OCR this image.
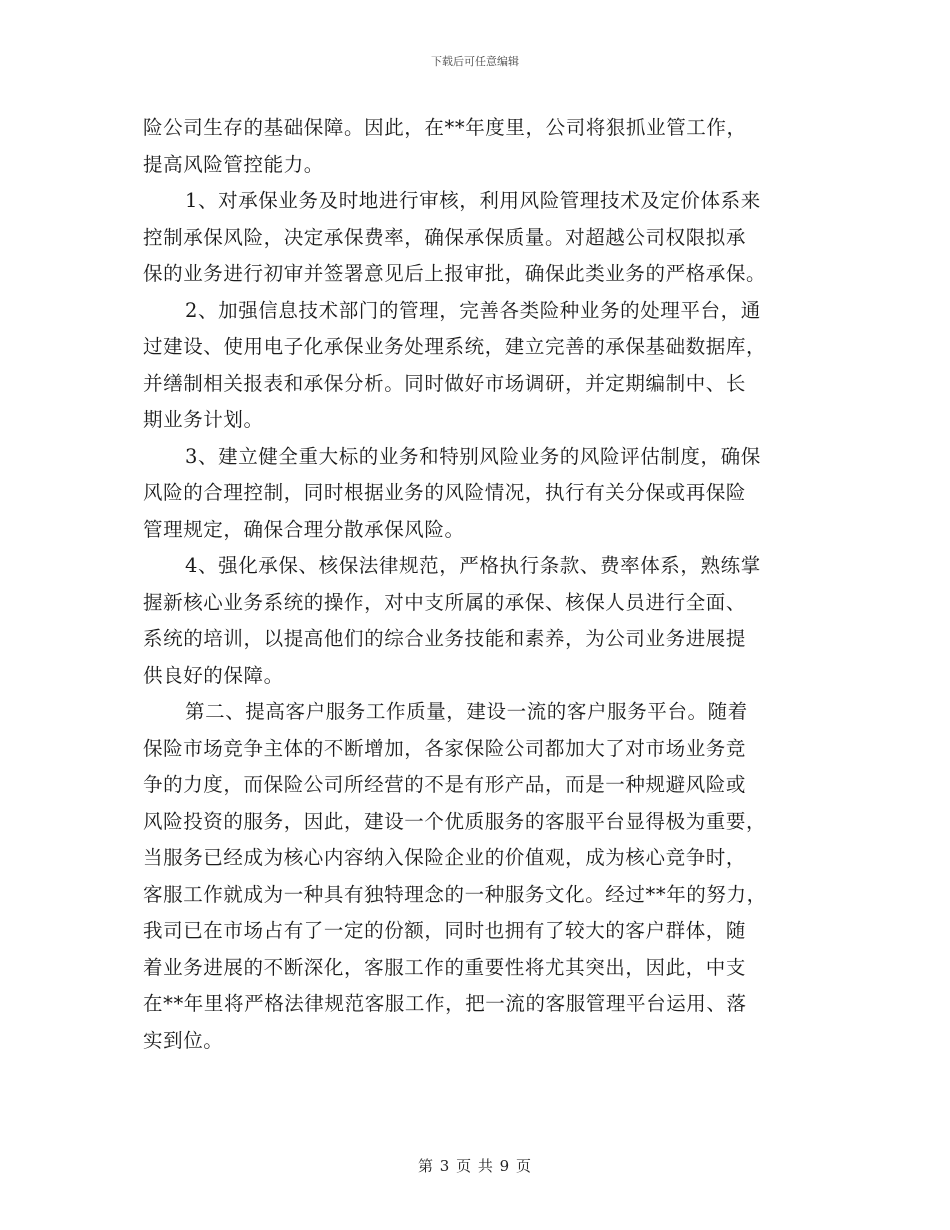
下载后可任意编辑
险公司生存的基础保障。因此，在**年度里，公司将狠抓业管工作，
提高风险管控能力。
1、对承保业务及时地进行审核，利用风险管理技术及定价体系来
控制承保风险，决定承保费率，确保承保质量。对超越公司权限拟承
保的业务进行初审并签署意见后上报审批，确保此类业务的严格承保。
2、加强信息技术部门的管理，完善各类险种业务的处理平台，通
过建设、使用电子化承保业务处理系统，建立完善的承保基础数据库，
并缮制相关报表和承保分析。同时做好市场调研，并定期编制中、长
期业务计划。
3、建立健全重大标的业务和特别风险业务的风险评估制度，确保
风险的合理控制，同时根据业务的风险情况，执行有关分保或再保险
管理规定，确保合理分散承保风险。
4、强化承保、核保法律规范，严格执行条款、费率体系，熟练掌
握新核心业务系统的操作，对中支所属的承保、核保人员进行全面、
系统的培训，以提高他们的综合业务技能和素养，为公司业务进展提
供良好的保障。
第二、提高客户服务工作质量，建设一流的客户服务平台。随着
保险市场竞争主体的不断增加，各家保险公司都加大了对市场业务竞
争的力度，而保险公司所经营的不是有形产品，而是一种规避风险或
风险投资的服务，因此，建设一个优质服务的客服平台显得极为重要，
当服务已经成为核心内容纳入保险企业的价值观，成为核心竞争时，
客服工作就成为一种具有独特理念的一种服务文化。经过**年的努力，
我司已在市场占有了一定的份额，同时也拥有了较大的客户群体，随
着业务进展的不断深化，客服工作的重要性将尤其突出，因此，中支
在**年里将严格法律规范客服工作，把一流的客服管理平台运用、落
实到位。
第 3 页 共 9 页
